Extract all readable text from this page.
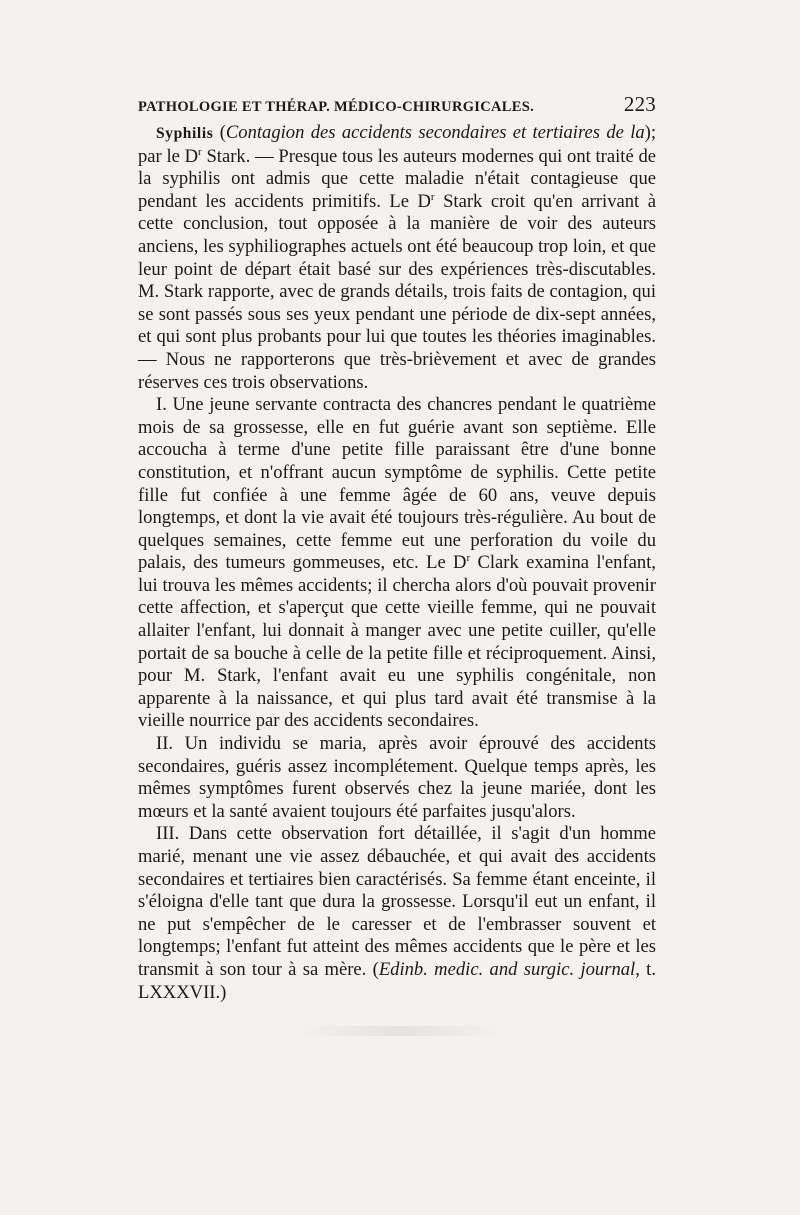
PATHOLOGIE ET THÉRAP. MÉDICO-CHIRURGICALES.	223

Syphilis (Contagion des accidents secondaires et tertiaires de la); par le $D^r$ Stark. — Presque tous les auteurs modernes qui ont traité de la syphilis ont admis que cette maladie n'était contagieuse que pendant les accidents primitifs. Le $D^r$ Stark croit qu'en arrivant à cette conclusion, tout opposée à la manière de voir des auteurs anciens, les syphiliographes actuels ont été beaucoup trop loin, et que leur point de départ était basé sur des expériences très-discutables. M. Stark rapporte, avec de grands détails, trois faits de contagion, qui se sont passés sous ses yeux pendant une période de dix-sept années, et qui sont plus probants pour lui que toutes les théories imaginables. — Nous ne rapporterons que très-brièvement et avec de grandes réserves ces trois observations.

I. Une jeune servante contracta des chancres pendant le quatrième mois de sa grossesse, elle en fut guérie avant son septième. Elle accoucha à terme d'une petite fille paraissant être d'une bonne constitution, et n'offrant aucun symptôme de syphilis. Cette petite fille fut confiée à une femme âgée de 60 ans, veuve depuis longtemps, et dont la vie avait été toujours très-régulière. Au bout de quelques semaines, cette femme eut une perforation du voile du palais, des tumeurs gommeuses, etc. Le $D^r$ Clark examina l'enfant, lui trouva les mêmes accidents; il chercha alors d'où pouvait provenir cette affection, et s'aperçut que cette vieille femme, qui ne pouvait allaiter l'enfant, lui donnait à manger avec une petite cuiller, qu'elle portait de sa bouche à celle de la petite fille et réciproquement. Ainsi, pour M. Stark, l'enfant avait eu une syphilis congénitale, non apparente à la naissance, et qui plus tard avait été transmise à la vieille nourrice par des accidents secondaires.

II. Un individu se maria, après avoir éprouvé des accidents secondaires, guéris assez incomplétement. Quelque temps après, les mêmes symptômes furent observés chez la jeune mariée, dont les mœurs et la santé avaient toujours été parfaites jusqu'alors.

III. Dans cette observation fort détaillée, il s'agit d'un homme marié, menant une vie assez débauchée, et qui avait des accidents secondaires et tertiaires bien caractérisés. Sa femme étant enceinte, il s'éloigna d'elle tant que dura la grossesse. Lorsqu'il eut un enfant, il ne put s'empêcher de le caresser et de l'embrasser souvent et longtemps; l'enfant fut atteint des mêmes accidents que le père et les transmit à son tour à sa mère. (Edinb. medic. and surgic. journal, t. LXXXVII.)
